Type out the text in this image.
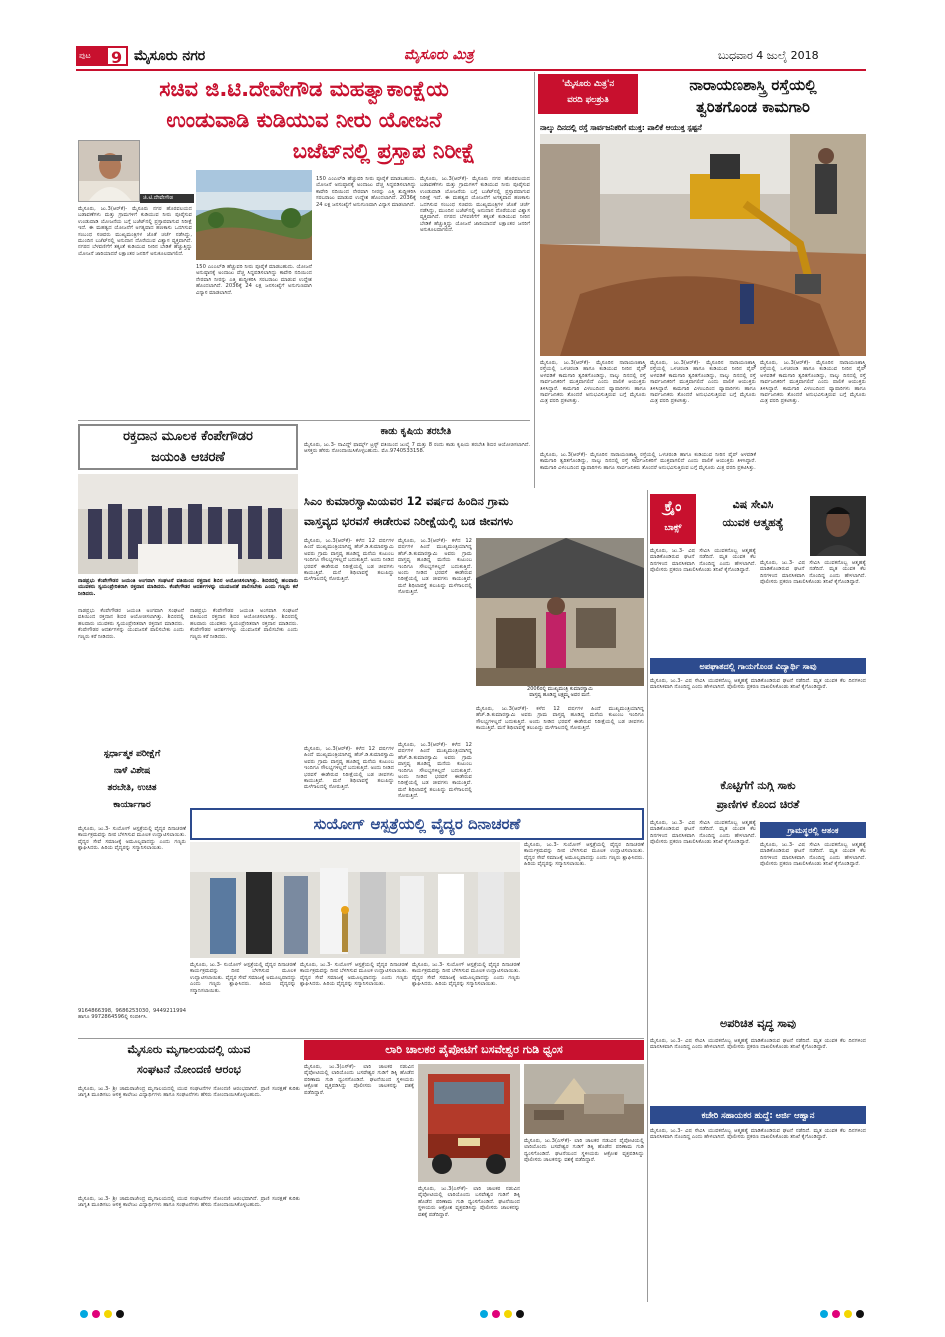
ಪುಟ 9 ಮೈಸೂರು ನಗರ	ಮೈಸೂರು ಮಿತ್ರ	ಬುಧವಾರ 4 ಜುಲೈ 2018
ಸಚಿವ ಜಿ.ಟಿ.ದೇವೇಗೌಡ ಮಹತ್ವಾಕಾಂಕ್ಷೆಯ
ಉಂಡುವಾಡಿ ಕುಡಿಯುವ ನೀರು ಯೋಜನೆ
ಬಜೆಟ್‌ನಲ್ಲಿ ಪ್ರಸ್ತಾಪ ನಿರೀಕ್ಷೆ
ಜಿ.ಟಿ.ದೇವೇಗೌಡ
ಮೈಸೂರು, ಜು.3(ಆರ್‌ಕೆ)- ಮೈಸೂರು ನಗರ ಹೊರವಲಯದ ಬಡಾವಣೆಗಳು ಮತ್ತು ಗ್ರಾಮಗಳಿಗೆ ಕುಡಿಯುವ ನೀರು ಪೂರೈಸುವ ಉಂಡುವಾಡಿ ಯೋಜನೆಯ ಬಗ್ಗೆ ಬಜೆಟ್‌ನಲ್ಲಿ ಪ್ರಸ್ತಾಪವಾಗುವ ನಿರೀಕ್ಷೆ ಇದೆ. ಈ ಮಹತ್ವದ ಯೋಜನೆಗೆ ಅಗತ್ಯವಾದ ಹಣಕಾಸು ಒದಗಿಸುವ ಸಂಬಂಧ ಸಚಿವರು ಮುಖ್ಯಮಂತ್ರಿಗಳ ಜೊತೆ ಚರ್ಚೆ ನಡೆಸಿದ್ದು, ಮುಂದಿನ ಬಜೆಟ್‌ನಲ್ಲಿ ಅನುದಾನ ದೊರೆಯುವ ವಿಶ್ವಾಸ ವ್ಯಕ್ತವಾಗಿದೆ. ನಗರದ ಬೆಳವಣಿಗೆಗೆ ತಕ್ಕಂತೆ ಕುಡಿಯುವ ನೀರಿನ ಬೇಡಿಕೆ ಹೆಚ್ಚುತ್ತಿದ್ದು ಯೋಜನೆ ಜಾರಿಯಾದರೆ ಲಕ್ಷಾಂತರ ಜನರಿಗೆ ಅನುಕೂಲವಾಗಲಿದೆ.
150 ಎಂಎಲ್‌ಡಿ ಹೆಚ್ಚುವರಿ ನೀರು ಪೂರೈಕೆ ಮಾಡಬಹುದು. ಯೋಜನೆ ಅನುಷ್ಠಾನಕ್ಕೆ ಅಂದಾಜು ವೆಚ್ಚ ಸಿದ್ಧಪಡಿಸಲಾಗಿದ್ದು ಕಾವೇರಿ ನದಿಯಿಂದ ನೇರವಾಗಿ ನೀರನ್ನು ಎತ್ತಿ ಶುದ್ಧೀಕರಿಸಿ ಸರಬರಾಜು ಮಾಡುವ ಉದ್ದೇಶ ಹೊಂದಲಾಗಿದೆ. 2036ಕ್ಕೆ 24 ಲಕ್ಷ ಜನಸಂಖ್ಯೆಗೆ ಅನುಗುಣವಾಗಿ ವಿನ್ಯಾಸ ಮಾಡಲಾಗಿದೆ.
150 ಎಂಎಲ್‌ಡಿ ಹೆಚ್ಚುವರಿ ನೀರು ಪೂರೈಕೆ ಮಾಡಬಹುದು. ಯೋಜನೆ ಅನುಷ್ಠಾನಕ್ಕೆ ಅಂದಾಜು ವೆಚ್ಚ ಸಿದ್ಧಪಡಿಸಲಾಗಿದ್ದು ಕಾವೇರಿ ನದಿಯಿಂದ ನೇರವಾಗಿ ನೀರನ್ನು ಎತ್ತಿ ಶುದ್ಧೀಕರಿಸಿ ಸರಬರಾಜು ಮಾಡುವ ಉದ್ದೇಶ ಹೊಂದಲಾಗಿದೆ. 2036ಕ್ಕೆ 24 ಲಕ್ಷ ಜನಸಂಖ್ಯೆಗೆ ಅನುಗುಣವಾಗಿ ವಿನ್ಯಾಸ ಮಾಡಲಾಗಿದೆ.
ಮೈಸೂರು, ಜು.3(ಆರ್‌ಕೆ)- ಮೈಸೂರು ನಗರ ಹೊರವಲಯದ ಬಡಾವಣೆಗಳು ಮತ್ತು ಗ್ರಾಮಗಳಿಗೆ ಕುಡಿಯುವ ನೀರು ಪೂರೈಸುವ ಉಂಡುವಾಡಿ ಯೋಜನೆಯ ಬಗ್ಗೆ ಬಜೆಟ್‌ನಲ್ಲಿ ಪ್ರಸ್ತಾಪವಾಗುವ ನಿರೀಕ್ಷೆ ಇದೆ. ಈ ಮಹತ್ವದ ಯೋಜನೆಗೆ ಅಗತ್ಯವಾದ ಹಣಕಾಸು ಒದಗಿಸುವ ಸಂಬಂಧ ಸಚಿವರು ಮುಖ್ಯಮಂತ್ರಿಗಳ ಜೊತೆ ಚರ್ಚೆ ನಡೆಸಿದ್ದು, ಮುಂದಿನ ಬಜೆಟ್‌ನಲ್ಲಿ ಅನುದಾನ ದೊರೆಯುವ ವಿಶ್ವಾಸ ವ್ಯಕ್ತವಾಗಿದೆ. ನಗರದ ಬೆಳವಣಿಗೆಗೆ ತಕ್ಕಂತೆ ಕುಡಿಯುವ ನೀರಿನ ಬೇಡಿಕೆ ಹೆಚ್ಚುತ್ತಿದ್ದು ಯೋಜನೆ ಜಾರಿಯಾದರೆ ಲಕ್ಷಾಂತರ ಜನರಿಗೆ ಅನುಕೂಲವಾಗಲಿದೆ.
'ಮೈಸೂರು ಮಿತ್ರ'ನ
ವರದಿ ಫಲಶ್ರುತಿ
ನಾರಾಯಣಶಾಸ್ತ್ರಿ ರಸ್ತೆಯಲ್ಲಿ
ತ್ವರಿತಗೊಂಡ ಕಾಮಗಾರಿ
ನಾಲ್ಕು ದಿನದಲ್ಲಿ ರಸ್ತೆ ಸಾರ್ವಜನಿಕರಿಗೆ ಮುಕ್ತ: ಪಾಲಿಕೆ ಆಯುಕ್ತ ಸ್ಪಷ್ಟನೆ
ಮೈಸೂರು, ಜು.3(ಆರ್‌ಕೆ)- ಮೈಸೂರಿನ ನಾರಾಯಣಶಾಸ್ತ್ರಿ ರಸ್ತೆಯಲ್ಲಿ ಒಳಚರಂಡಿ ಹಾಗೂ ಕುಡಿಯುವ ನೀರಿನ ಪೈಪ್ ಅಳವಡಿಕೆ ಕಾಮಗಾರಿ ತ್ವರಿತಗೊಂಡಿದ್ದು, ನಾಲ್ಕು ದಿನದಲ್ಲಿ ರಸ್ತೆ ಸಾರ್ವಜನಿಕರಿಗೆ ಮುಕ್ತವಾಗಲಿದೆ ಎಂದು ಪಾಲಿಕೆ ಆಯುಕ್ತರು ತಿಳಿಸಿದ್ದಾರೆ. ಕಾಮಗಾರಿ ವಿಳಂಬದಿಂದ ವ್ಯಾಪಾರಿಗಳು ಹಾಗೂ ಸಾರ್ವಜನಿಕರು ತೊಂದರೆ ಅನುಭವಿಸುತ್ತಿರುವ ಬಗ್ಗೆ ಮೈಸೂರು ಮಿತ್ರ ವರದಿ ಪ್ರಕಟಿಸಿತ್ತು.
ಮೈಸೂರು, ಜು.3(ಆರ್‌ಕೆ)- ಮೈಸೂರಿನ ನಾರಾಯಣಶಾಸ್ತ್ರಿ ರಸ್ತೆಯಲ್ಲಿ ಒಳಚರಂಡಿ ಹಾಗೂ ಕುಡಿಯುವ ನೀರಿನ ಪೈಪ್ ಅಳವಡಿಕೆ ಕಾಮಗಾರಿ ತ್ವರಿತಗೊಂಡಿದ್ದು, ನಾಲ್ಕು ದಿನದಲ್ಲಿ ರಸ್ತೆ ಸಾರ್ವಜನಿಕರಿಗೆ ಮುಕ್ತವಾಗಲಿದೆ ಎಂದು ಪಾಲಿಕೆ ಆಯುಕ್ತರು ತಿಳಿಸಿದ್ದಾರೆ. ಕಾಮಗಾರಿ ವಿಳಂಬದಿಂದ ವ್ಯಾಪಾರಿಗಳು ಹಾಗೂ ಸಾರ್ವಜನಿಕರು ತೊಂದರೆ ಅನುಭವಿಸುತ್ತಿರುವ ಬಗ್ಗೆ ಮೈಸೂರು ಮಿತ್ರ ವರದಿ ಪ್ರಕಟಿಸಿತ್ತು.
ಮೈಸೂರು, ಜು.3(ಆರ್‌ಕೆ)- ಮೈಸೂರಿನ ನಾರಾಯಣಶಾಸ್ತ್ರಿ ರಸ್ತೆಯಲ್ಲಿ ಒಳಚರಂಡಿ ಹಾಗೂ ಕುಡಿಯುವ ನೀರಿನ ಪೈಪ್ ಅಳವಡಿಕೆ ಕಾಮಗಾರಿ ತ್ವರಿತಗೊಂಡಿದ್ದು, ನಾಲ್ಕು ದಿನದಲ್ಲಿ ರಸ್ತೆ ಸಾರ್ವಜನಿಕರಿಗೆ ಮುಕ್ತವಾಗಲಿದೆ ಎಂದು ಪಾಲಿಕೆ ಆಯುಕ್ತರು ತಿಳಿಸಿದ್ದಾರೆ. ಕಾಮಗಾರಿ ವಿಳಂಬದಿಂದ ವ್ಯಾಪಾರಿಗಳು ಹಾಗೂ ಸಾರ್ವಜನಿಕರು ತೊಂದರೆ ಅನುಭವಿಸುತ್ತಿರುವ ಬಗ್ಗೆ ಮೈಸೂರು ಮಿತ್ರ ವರದಿ ಪ್ರಕಟಿಸಿತ್ತು.
ಮೈಸೂರು, ಜು.3(ಆರ್‌ಕೆ)- ಮೈಸೂರಿನ ನಾರಾಯಣಶಾಸ್ತ್ರಿ ರಸ್ತೆಯಲ್ಲಿ ಒಳಚರಂಡಿ ಹಾಗೂ ಕುಡಿಯುವ ನೀರಿನ ಪೈಪ್ ಅಳವಡಿಕೆ ಕಾಮಗಾರಿ ತ್ವರಿತಗೊಂಡಿದ್ದು, ನಾಲ್ಕು ದಿನದಲ್ಲಿ ರಸ್ತೆ ಸಾರ್ವಜನಿಕರಿಗೆ ಮುಕ್ತವಾಗಲಿದೆ ಎಂದು ಪಾಲಿಕೆ ಆಯುಕ್ತರು ತಿಳಿಸಿದ್ದಾರೆ. ಕಾಮಗಾರಿ ವಿಳಂಬದಿಂದ ವ್ಯಾಪಾರಿಗಳು ಹಾಗೂ ಸಾರ್ವಜನಿಕರು ತೊಂದರೆ ಅನುಭವಿಸುತ್ತಿರುವ ಬಗ್ಗೆ ಮೈಸೂರು ಮಿತ್ರ ವರದಿ ಪ್ರಕಟಿಸಿತ್ತು.
ರಕ್ತದಾನ ಮೂಲಕ ಕೆಂಪೇಗೌಡರ
ಜಯಂತಿ ಆಚರಣೆ
ನಾಡಪ್ರಭು ಕೆಂಪೇಗೌಡರ ಜಯಂತಿ ಅಂಗವಾಗಿ ಸಂಘಟನೆ ವತಿಯಿಂದ ರಕ್ತದಾನ ಶಿಬಿರ ಆಯೋಜಿಸಲಾಗಿತ್ತು. ಶಿಬಿರದಲ್ಲಿ ಹಲವಾರು ಯುವಕರು ಸ್ವಯಂಪ್ರೇರಿತರಾಗಿ ರಕ್ತದಾನ ಮಾಡಿದರು. ಕೆಂಪೇಗೌಡರ ಆದರ್ಶಗಳನ್ನು ಯುವಜನತೆ ಪಾಲಿಸಬೇಕು ಎಂದು ಗಣ್ಯರು ಕರೆ ನೀಡಿದರು.
ನಾಡಪ್ರಭು ಕೆಂಪೇಗೌಡರ ಜಯಂತಿ ಅಂಗವಾಗಿ ಸಂಘಟನೆ ವತಿಯಿಂದ ರಕ್ತದಾನ ಶಿಬಿರ ಆಯೋಜಿಸಲಾಗಿತ್ತು. ಶಿಬಿರದಲ್ಲಿ ಹಲವಾರು ಯುವಕರು ಸ್ವಯಂಪ್ರೇರಿತರಾಗಿ ರಕ್ತದಾನ ಮಾಡಿದರು. ಕೆಂಪೇಗೌಡರ ಆದರ್ಶಗಳನ್ನು ಯುವಜನತೆ ಪಾಲಿಸಬೇಕು ಎಂದು ಗಣ್ಯರು ಕರೆ ನೀಡಿದರು.
ನಾಡಪ್ರಭು ಕೆಂಪೇಗೌಡರ ಜಯಂತಿ ಅಂಗವಾಗಿ ಸಂಘಟನೆ ವತಿಯಿಂದ ರಕ್ತದಾನ ಶಿಬಿರ ಆಯೋಜಿಸಲಾಗಿತ್ತು. ಶಿಬಿರದಲ್ಲಿ ಹಲವಾರು ಯುವಕರು ಸ್ವಯಂಪ್ರೇರಿತರಾಗಿ ರಕ್ತದಾನ ಮಾಡಿದರು. ಕೆಂಪೇಗೌಡರ ಆದರ್ಶಗಳನ್ನು ಯುವಜನತೆ ಪಾಲಿಸಬೇಕು ಎಂದು ಗಣ್ಯರು ಕರೆ ನೀಡಿದರು.
ಕಾಡು ಕೃಷಿಯ ತರಬೇತಿ
ಮೈಸೂರು, ಜು.3- ನಾವಿದ್ದ್ ಫಾರ್ಮ್ಸ್ ಟ್ರಸ್ಟ್ ವತಿಯಿಂದ ಜುಲೈ 7 ಮತ್ತು 8 ರಂದು ಕಾಡು ಕೃಷಿಯ ತರಬೇತಿ ಶಿಬಿರ ಆಯೋಜಿಸಲಾಗಿದೆ. ಆಸಕ್ತರು ಹೆಸರು ನೋಂದಾಯಿಸಿಕೊಳ್ಳಬಹುದು. ಮೊ.9740533158.
ಸಿಎಂ ಕುಮಾರಸ್ವಾಮಿಯವರ 12 ವರ್ಷದ ಹಿಂದಿನ ಗ್ರಾಮ
ವಾಸ್ತವ್ಯದ ಭರವಸೆ ಈಡೇರುವ ನಿರೀಕ್ಷೆಯಲ್ಲಿ ಬಡ ಜೀವಗಳು
ಮೈಸೂರು, ಜು.3(ಆರ್‌ಕೆ)- ಕಳೆದ 12 ವರ್ಷಗಳ ಹಿಂದೆ ಮುಖ್ಯಮಂತ್ರಿಯಾಗಿದ್ದ ಹೆಚ್.ಡಿ.ಕುಮಾರಸ್ವಾಮಿ ಅವರು ಗ್ರಾಮ ವಾಸ್ತವ್ಯ ಹೂಡಿದ್ದ ಮನೆಯ ಕುಟುಂಬ ಇಂದಿಗೂ ಸೌಲಭ್ಯಗಳಿಲ್ಲದೆ ಬದುಕುತ್ತಿದೆ. ಅಂದು ನೀಡಿದ ಭರವಸೆ ಈಡೇರುವ ನಿರೀಕ್ಷೆಯಲ್ಲಿ ಬಡ ಜೀವಗಳು ಕಾಯುತ್ತಿವೆ. ಮನೆ ಶಿಥಿಲಾವಸ್ಥೆ ತಲುಪಿದ್ದು ಮಳೆಗಾಲದಲ್ಲಿ ಸೋರುತ್ತಿದೆ.
ಮೈಸೂರು, ಜು.3(ಆರ್‌ಕೆ)- ಕಳೆದ 12 ವರ್ಷಗಳ ಹಿಂದೆ ಮುಖ್ಯಮಂತ್ರಿಯಾಗಿದ್ದ ಹೆಚ್.ಡಿ.ಕುಮಾರಸ್ವಾಮಿ ಅವರು ಗ್ರಾಮ ವಾಸ್ತವ್ಯ ಹೂಡಿದ್ದ ಮನೆಯ ಕುಟುಂಬ ಇಂದಿಗೂ ಸೌಲಭ್ಯಗಳಿಲ್ಲದೆ ಬದುಕುತ್ತಿದೆ. ಅಂದು ನೀಡಿದ ಭರವಸೆ ಈಡೇರುವ ನಿರೀಕ್ಷೆಯಲ್ಲಿ ಬಡ ಜೀವಗಳು ಕಾಯುತ್ತಿವೆ. ಮನೆ ಶಿಥಿಲಾವಸ್ಥೆ ತಲುಪಿದ್ದು ಮಳೆಗಾಲದಲ್ಲಿ ಸೋರುತ್ತಿದೆ.
2006ರಲ್ಲಿ ಮುಖ್ಯಮಂತ್ರಿ ಕುಮಾರಸ್ವಾಮಿ
ವಾಸ್ತವ್ಯ ಹೂಡಿದ್ದ ಲಕ್ಷ್ಮಮ್ಮ ಅವರ ಮನೆ.
ಮೈಸೂರು, ಜು.3(ಆರ್‌ಕೆ)- ಕಳೆದ 12 ವರ್ಷಗಳ ಹಿಂದೆ ಮುಖ್ಯಮಂತ್ರಿಯಾಗಿದ್ದ ಹೆಚ್.ಡಿ.ಕುಮಾರಸ್ವಾಮಿ ಅವರು ಗ್ರಾಮ ವಾಸ್ತವ್ಯ ಹೂಡಿದ್ದ ಮನೆಯ ಕುಟುಂಬ ಇಂದಿಗೂ ಸೌಲಭ್ಯಗಳಿಲ್ಲದೆ ಬದುಕುತ್ತಿದೆ. ಅಂದು ನೀಡಿದ ಭರವಸೆ ಈಡೇರುವ ನಿರೀಕ್ಷೆಯಲ್ಲಿ ಬಡ ಜೀವಗಳು ಕಾಯುತ್ತಿವೆ. ಮನೆ ಶಿಥಿಲಾವಸ್ಥೆ ತಲುಪಿದ್ದು ಮಳೆಗಾಲದಲ್ಲಿ ಸೋರುತ್ತಿದೆ.
ಮೈಸೂರು, ಜು.3(ಆರ್‌ಕೆ)- ಕಳೆದ 12 ವರ್ಷಗಳ ಹಿಂದೆ ಮುಖ್ಯಮಂತ್ರಿಯಾಗಿದ್ದ ಹೆಚ್.ಡಿ.ಕುಮಾರಸ್ವಾಮಿ ಅವರು ಗ್ರಾಮ ವಾಸ್ತವ್ಯ ಹೂಡಿದ್ದ ಮನೆಯ ಕುಟುಂಬ ಇಂದಿಗೂ ಸೌಲಭ್ಯಗಳಿಲ್ಲದೆ ಬದುಕುತ್ತಿದೆ. ಅಂದು ನೀಡಿದ ಭರವಸೆ ಈಡೇರುವ ನಿರೀಕ್ಷೆಯಲ್ಲಿ ಬಡ ಜೀವಗಳು ಕಾಯುತ್ತಿವೆ. ಮನೆ ಶಿಥಿಲಾವಸ್ಥೆ ತಲುಪಿದ್ದು ಮಳೆಗಾಲದಲ್ಲಿ ಸೋರುತ್ತಿದೆ.
ಮೈಸೂರು, ಜು.3(ಆರ್‌ಕೆ)- ಕಳೆದ 12 ವರ್ಷಗಳ ಹಿಂದೆ ಮುಖ್ಯಮಂತ್ರಿಯಾಗಿದ್ದ ಹೆಚ್.ಡಿ.ಕುಮಾರಸ್ವಾಮಿ ಅವರು ಗ್ರಾಮ ವಾಸ್ತವ್ಯ ಹೂಡಿದ್ದ ಮನೆಯ ಕುಟುಂಬ ಇಂದಿಗೂ ಸೌಲಭ್ಯಗಳಿಲ್ಲದೆ ಬದುಕುತ್ತಿದೆ. ಅಂದು ನೀಡಿದ ಭರವಸೆ ಈಡೇರುವ ನಿರೀಕ್ಷೆಯಲ್ಲಿ ಬಡ ಜೀವಗಳು ಕಾಯುತ್ತಿವೆ. ಮನೆ ಶಿಥಿಲಾವಸ್ಥೆ ತಲುಪಿದ್ದು ಮಳೆಗಾಲದಲ್ಲಿ ಸೋರುತ್ತಿದೆ.
ಕ್ರೈಂ
ಬಾಕ್ಸ್
ವಿಷ ಸೇವಿಸಿ
ಯುವಕ ಆತ್ಮಹತ್ಯೆ
ಮೈಸೂರು, ಜು.3- ವಿಷ ಸೇವಿಸಿ ಯುವಕನೊಬ್ಬ ಆತ್ಮಹತ್ಯೆ ಮಾಡಿಕೊಂಡಿರುವ ಘಟನೆ ನಡೆದಿದೆ. ಮೃತ ಯುವಕ ಕೆಲ ದಿನಗಳಿಂದ ಮಾನಸಿಕವಾಗಿ ನೊಂದಿದ್ದ ಎಂದು ಹೇಳಲಾಗಿದೆ. ಪೊಲೀಸರು ಪ್ರಕರಣ ದಾಖಲಿಸಿಕೊಂಡು ತನಿಖೆ ಕೈಗೊಂಡಿದ್ದಾರೆ.
ಮೈಸೂರು, ಜು.3- ವಿಷ ಸೇವಿಸಿ ಯುವಕನೊಬ್ಬ ಆತ್ಮಹತ್ಯೆ ಮಾಡಿಕೊಂಡಿರುವ ಘಟನೆ ನಡೆದಿದೆ. ಮೃತ ಯುವಕ ಕೆಲ ದಿನಗಳಿಂದ ಮಾನಸಿಕವಾಗಿ ನೊಂದಿದ್ದ ಎಂದು ಹೇಳಲಾಗಿದೆ. ಪೊಲೀಸರು ಪ್ರಕರಣ ದಾಖಲಿಸಿಕೊಂಡು ತನಿಖೆ ಕೈಗೊಂಡಿದ್ದಾರೆ.
ಅಪಘಾತದಲ್ಲಿ ಗಾಯಗೊಂಡ ವಿದ್ಯಾರ್ಥಿ ಸಾವು
ಮೈಸೂರು, ಜು.3- ವಿಷ ಸೇವಿಸಿ ಯುವಕನೊಬ್ಬ ಆತ್ಮಹತ್ಯೆ ಮಾಡಿಕೊಂಡಿರುವ ಘಟನೆ ನಡೆದಿದೆ. ಮೃತ ಯುವಕ ಕೆಲ ದಿನಗಳಿಂದ ಮಾನಸಿಕವಾಗಿ ನೊಂದಿದ್ದ ಎಂದು ಹೇಳಲಾಗಿದೆ. ಪೊಲೀಸರು ಪ್ರಕರಣ ದಾಖಲಿಸಿಕೊಂಡು ತನಿಖೆ ಕೈಗೊಂಡಿದ್ದಾರೆ.
ಕೊಟ್ಟಿಗೆಗೆ ನುಗ್ಗಿ ಸಾಕು
ಪ್ರಾಣಿಗಳ ಕೊಂದ ಚಿರತೆ
ಮೈಸೂರು, ಜು.3- ವಿಷ ಸೇವಿಸಿ ಯುವಕನೊಬ್ಬ ಆತ್ಮಹತ್ಯೆ ಮಾಡಿಕೊಂಡಿರುವ ಘಟನೆ ನಡೆದಿದೆ. ಮೃತ ಯುವಕ ಕೆಲ ದಿನಗಳಿಂದ ಮಾನಸಿಕವಾಗಿ ನೊಂದಿದ್ದ ಎಂದು ಹೇಳಲಾಗಿದೆ. ಪೊಲೀಸರು ಪ್ರಕರಣ ದಾಖಲಿಸಿಕೊಂಡು ತನಿಖೆ ಕೈಗೊಂಡಿದ್ದಾರೆ.
ಗ್ರಾಮಸ್ಥರಲ್ಲಿ ಆತಂಕ
ಮೈಸೂರು, ಜು.3- ವಿಷ ಸೇವಿಸಿ ಯುವಕನೊಬ್ಬ ಆತ್ಮಹತ್ಯೆ ಮಾಡಿಕೊಂಡಿರುವ ಘಟನೆ ನಡೆದಿದೆ. ಮೃತ ಯುವಕ ಕೆಲ ದಿನಗಳಿಂದ ಮಾನಸಿಕವಾಗಿ ನೊಂದಿದ್ದ ಎಂದು ಹೇಳಲಾಗಿದೆ. ಪೊಲೀಸರು ಪ್ರಕರಣ ದಾಖಲಿಸಿಕೊಂಡು ತನಿಖೆ ಕೈಗೊಂಡಿದ್ದಾರೆ.
ಅಪರಿಚಿತ ವೃದ್ಧ ಸಾವು
ಮೈಸೂರು, ಜು.3- ವಿಷ ಸೇವಿಸಿ ಯುವಕನೊಬ್ಬ ಆತ್ಮಹತ್ಯೆ ಮಾಡಿಕೊಂಡಿರುವ ಘಟನೆ ನಡೆದಿದೆ. ಮೃತ ಯುವಕ ಕೆಲ ದಿನಗಳಿಂದ ಮಾನಸಿಕವಾಗಿ ನೊಂದಿದ್ದ ಎಂದು ಹೇಳಲಾಗಿದೆ. ಪೊಲೀಸರು ಪ್ರಕರಣ ದಾಖಲಿಸಿಕೊಂಡು ತನಿಖೆ ಕೈಗೊಂಡಿದ್ದಾರೆ.
ಕಚೇರಿ ಸಹಾಯಕರ ಹುದ್ದೆ: ಅರ್ಜಿ ಆಹ್ವಾನ
ಮೈಸೂರು, ಜು.3- ವಿಷ ಸೇವಿಸಿ ಯುವಕನೊಬ್ಬ ಆತ್ಮಹತ್ಯೆ ಮಾಡಿಕೊಂಡಿರುವ ಘಟನೆ ನಡೆದಿದೆ. ಮೃತ ಯುವಕ ಕೆಲ ದಿನಗಳಿಂದ ಮಾನಸಿಕವಾಗಿ ನೊಂದಿದ್ದ ಎಂದು ಹೇಳಲಾಗಿದೆ. ಪೊಲೀಸರು ಪ್ರಕರಣ ದಾಖಲಿಸಿಕೊಂಡು ತನಿಖೆ ಕೈಗೊಂಡಿದ್ದಾರೆ.
ಸ್ಪರ್ಧಾತ್ಮಕ ಪರೀಕ್ಷೆಗೆ
ನಾಳೆ ವಿಶೇಷ
ತರಬೇತಿ, ಉಚಿತ
ಕಾರ್ಯಾಗಾರ
ಮೈಸೂರು, ಜು.3- ಸುಯೋಗ್ ಆಸ್ಪತ್ರೆಯಲ್ಲಿ ವೈದ್ಯರ ದಿನಾಚರಣೆ ಕಾರ್ಯಕ್ರಮವನ್ನು ದೀಪ ಬೆಳಗಿಸುವ ಮೂಲಕ ಉದ್ಘಾಟಿಸಲಾಯಿತು. ವೈದ್ಯರ ಸೇವೆ ಸಮಾಜಕ್ಕೆ ಅಮೂಲ್ಯವಾದದ್ದು ಎಂದು ಗಣ್ಯರು ಶ್ಲಾಘಿಸಿದರು. ಹಿರಿಯ ವೈದ್ಯರನ್ನು ಸನ್ಮಾನಿಸಲಾಯಿತು.
9164866398, 9686253030, 9449211994 ಹಾಗೂ 9972864596ಲ್ಲಿ ಸಂಪರ್ಕಿಸಿ.
ಸುಯೋಗ್ ಆಸ್ಪತ್ರೆಯಲ್ಲಿ ವೈದ್ಯರ ದಿನಾಚರಣೆ
ಮೈಸೂರು, ಜು.3- ಸುಯೋಗ್ ಆಸ್ಪತ್ರೆಯಲ್ಲಿ ವೈದ್ಯರ ದಿನಾಚರಣೆ ಕಾರ್ಯಕ್ರಮವನ್ನು ದೀಪ ಬೆಳಗಿಸುವ ಮೂಲಕ ಉದ್ಘಾಟಿಸಲಾಯಿತು. ವೈದ್ಯರ ಸೇವೆ ಸಮಾಜಕ್ಕೆ ಅಮೂಲ್ಯವಾದದ್ದು ಎಂದು ಗಣ್ಯರು ಶ್ಲಾಘಿಸಿದರು. ಹಿರಿಯ ವೈದ್ಯರನ್ನು ಸನ್ಮಾನಿಸಲಾಯಿತು.
ಮೈಸೂರು, ಜು.3- ಸುಯೋಗ್ ಆಸ್ಪತ್ರೆಯಲ್ಲಿ ವೈದ್ಯರ ದಿನಾಚರಣೆ ಕಾರ್ಯಕ್ರಮವನ್ನು ದೀಪ ಬೆಳಗಿಸುವ ಮೂಲಕ ಉದ್ಘಾಟಿಸಲಾಯಿತು. ವೈದ್ಯರ ಸೇವೆ ಸಮಾಜಕ್ಕೆ ಅಮೂಲ್ಯವಾದದ್ದು ಎಂದು ಗಣ್ಯರು ಶ್ಲಾಘಿಸಿದರು. ಹಿರಿಯ ವೈದ್ಯರನ್ನು ಸನ್ಮಾನಿಸಲಾಯಿತು.
ಮೈಸೂರು, ಜು.3- ಸುಯೋಗ್ ಆಸ್ಪತ್ರೆಯಲ್ಲಿ ವೈದ್ಯರ ದಿನಾಚರಣೆ ಕಾರ್ಯಕ್ರಮವನ್ನು ದೀಪ ಬೆಳಗಿಸುವ ಮೂಲಕ ಉದ್ಘಾಟಿಸಲಾಯಿತು. ವೈದ್ಯರ ಸೇವೆ ಸಮಾಜಕ್ಕೆ ಅಮೂಲ್ಯವಾದದ್ದು ಎಂದು ಗಣ್ಯರು ಶ್ಲಾಘಿಸಿದರು. ಹಿರಿಯ ವೈದ್ಯರನ್ನು ಸನ್ಮಾನಿಸಲಾಯಿತು.
ಮೈಸೂರು, ಜು.3- ಸುಯೋಗ್ ಆಸ್ಪತ್ರೆಯಲ್ಲಿ ವೈದ್ಯರ ದಿನಾಚರಣೆ ಕಾರ್ಯಕ್ರಮವನ್ನು ದೀಪ ಬೆಳಗಿಸುವ ಮೂಲಕ ಉದ್ಘಾಟಿಸಲಾಯಿತು. ವೈದ್ಯರ ಸೇವೆ ಸಮಾಜಕ್ಕೆ ಅಮೂಲ್ಯವಾದದ್ದು ಎಂದು ಗಣ್ಯರು ಶ್ಲಾಘಿಸಿದರು. ಹಿರಿಯ ವೈದ್ಯರನ್ನು ಸನ್ಮಾನಿಸಲಾಯಿತು.
ಮೈಸೂರು ಮೃಗಾಲಯದಲ್ಲಿ ಯುವ
ಸಂಘಟನೆ ನೋಂದಣಿ ಆರಂಭ
ಮೈಸೂರು, ಜು.3- ಶ್ರೀ ಚಾಮರಾಜೇಂದ್ರ ಮೃಗಾಲಯದಲ್ಲಿ ಯುವ ಸಂಘಟನೆಗಳ ನೋಂದಣಿ ಆರಂಭವಾಗಿದೆ. ಪ್ರಾಣಿ ಸಂರಕ್ಷಣೆ ಕುರಿತು ಜಾಗೃತಿ ಮೂಡಿಸಲು ಆಸಕ್ತ ಕಾಲೇಜು ವಿದ್ಯಾರ್ಥಿಗಳು ಹಾಗೂ ಸಂಘಟನೆಗಳು ಹೆಸರು ನೋಂದಾಯಿಸಿಕೊಳ್ಳಬಹುದು.
ಮೈಸೂರು, ಜು.3- ಶ್ರೀ ಚಾಮರಾಜೇಂದ್ರ ಮೃಗಾಲಯದಲ್ಲಿ ಯುವ ಸಂಘಟನೆಗಳ ನೋಂದಣಿ ಆರಂಭವಾಗಿದೆ. ಪ್ರಾಣಿ ಸಂರಕ್ಷಣೆ ಕುರಿತು ಜಾಗೃತಿ ಮೂಡಿಸಲು ಆಸಕ್ತ ಕಾಲೇಜು ವಿದ್ಯಾರ್ಥಿಗಳು ಹಾಗೂ ಸಂಘಟನೆಗಳು ಹೆಸರು ನೋಂದಾಯಿಸಿಕೊಳ್ಳಬಹುದು.
ಲಾರಿ ಚಾಲಕರ ಪೈಪೋಟಿಗೆ ಬಸವೇಶ್ವರ ಗುಡಿ ಧ್ವಂಸ
ಮೈಸೂರು, ಜು.3(ಎಸ್‌ಕೆ)- ಲಾರಿ ಚಾಲಕರ ನಡುವಿನ ಪೈಪೋಟಿಯಲ್ಲಿ ಲಾರಿಯೊಂದು ಬಸವೇಶ್ವರ ಗುಡಿಗೆ ಡಿಕ್ಕಿ ಹೊಡೆದ ಪರಿಣಾಮ ಗುಡಿ ಧ್ವಂಸಗೊಂಡಿದೆ. ಘಟನೆಯಿಂದ ಸ್ಥಳೀಯರು ಆಕ್ರೋಶ ವ್ಯಕ್ತಪಡಿಸಿದ್ದು ಪೊಲೀಸರು ಚಾಲಕನನ್ನು ವಶಕ್ಕೆ ಪಡೆದಿದ್ದಾರೆ.
ಮೈಸೂರು, ಜು.3(ಎಸ್‌ಕೆ)- ಲಾರಿ ಚಾಲಕರ ನಡುವಿನ ಪೈಪೋಟಿಯಲ್ಲಿ ಲಾರಿಯೊಂದು ಬಸವೇಶ್ವರ ಗುಡಿಗೆ ಡಿಕ್ಕಿ ಹೊಡೆದ ಪರಿಣಾಮ ಗುಡಿ ಧ್ವಂಸಗೊಂಡಿದೆ. ಘಟನೆಯಿಂದ ಸ್ಥಳೀಯರು ಆಕ್ರೋಶ ವ್ಯಕ್ತಪಡಿಸಿದ್ದು ಪೊಲೀಸರು ಚಾಲಕನನ್ನು ವಶಕ್ಕೆ ಪಡೆದಿದ್ದಾರೆ.
ಮೈಸೂರು, ಜು.3(ಎಸ್‌ಕೆ)- ಲಾರಿ ಚಾಲಕರ ನಡುವಿನ ಪೈಪೋಟಿಯಲ್ಲಿ ಲಾರಿಯೊಂದು ಬಸವೇಶ್ವರ ಗುಡಿಗೆ ಡಿಕ್ಕಿ ಹೊಡೆದ ಪರಿಣಾಮ ಗುಡಿ ಧ್ವಂಸಗೊಂಡಿದೆ. ಘಟನೆಯಿಂದ ಸ್ಥಳೀಯರು ಆಕ್ರೋಶ ವ್ಯಕ್ತಪಡಿಸಿದ್ದು ಪೊಲೀಸರು ಚಾಲಕನನ್ನು ವಶಕ್ಕೆ ಪಡೆದಿದ್ದಾರೆ.
